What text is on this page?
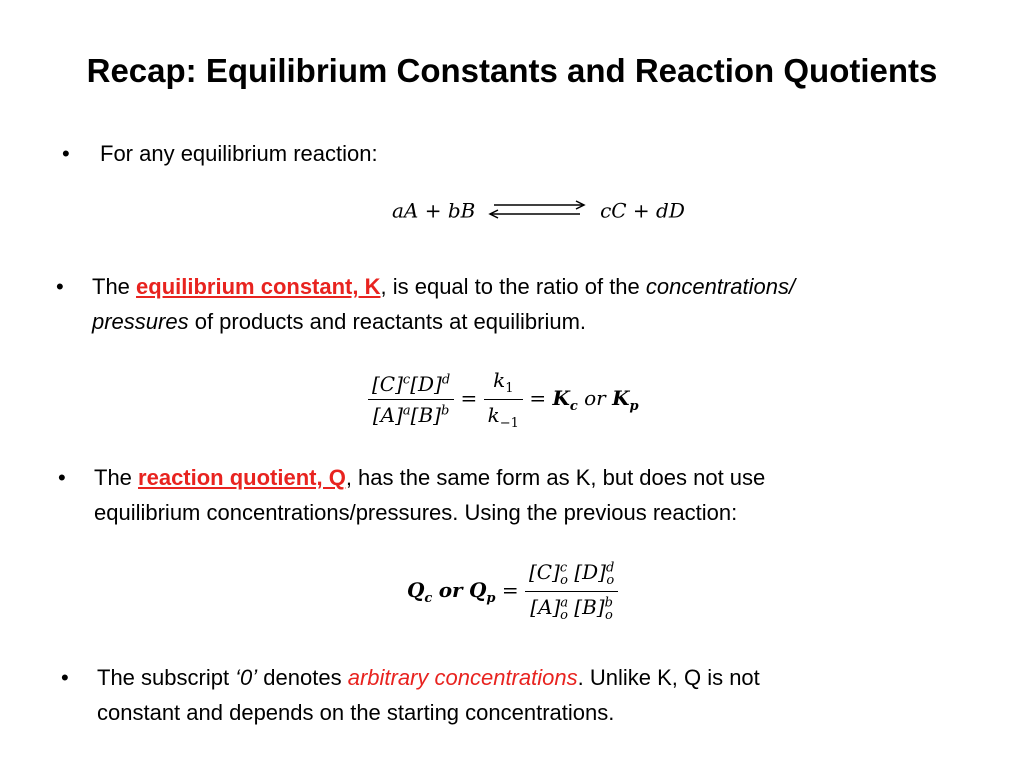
Recap: Equilibrium Constants and Reaction Quotients
• For any equilibrium reaction:
aA + bB	cC + dD
• The equilibrium constant, K, is equal to the ratio of the concentrations/
pressures of products and reactants at equilibrium.
$\frac{[C]^c[D]^d}{[A]^a[B]^b} = \frac{k_1}{k_{-1}} = K_c$ or $K_p$
• The reaction quotient, Q, has the same form as K, but does not use
equilibrium concentrations/pressures. Using the previous reaction:
$Q_c$ or $Q_p = \frac{[C]^c_o [D]^d_o}{[A]^a_o [B]^b_o}$
• The subscript ‘0’ denotes arbitrary concentrations. Unlike K, Q is not
constant and depends on the starting concentrations.
